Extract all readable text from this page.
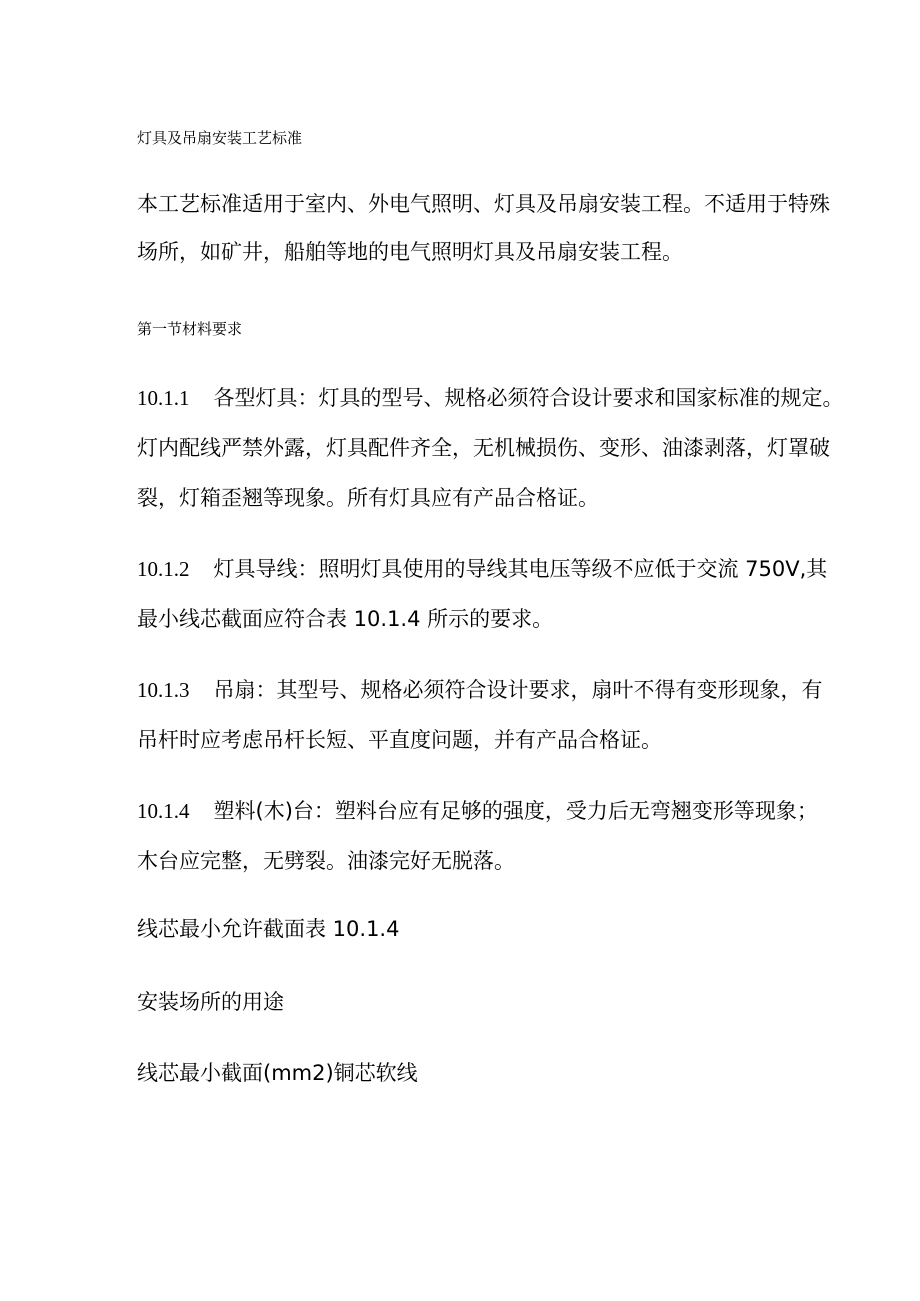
灯具及吊扇安装工艺标准
本工艺标准适用于室内、外电气照明、灯具及吊扇安装工程。不适用于特殊
场所，如矿井，船舶等地的电气照明灯具及吊扇安装工程。
第一节材料要求
10.1.1 各型灯具：灯具的型号、规格必须符合设计要求和国家标准的规定。
灯内配线严禁外露，灯具配件齐全，无机械损伤、变形、油漆剥落，灯罩破
裂，灯箱歪翘等现象。所有灯具应有产品合格证。
10.1.2 灯具导线：照明灯具使用的导线其电压等级不应低于交流 750V,其
最小线芯截面应符合表 10.1.4 所示的要求。
10.1.3 吊扇：其型号、规格必须符合设计要求，扇叶不得有变形现象，有
吊杆时应考虑吊杆长短、平直度问题，并有产品合格证。
10.1.4 塑料(木)台：塑料台应有足够的强度，受力后无弯翘变形等现象；
木台应完整，无劈裂。油漆完好无脱落。
线芯最小允许截面表 10.1.4
安装场所的用途
线芯最小截面(mm2)铜芯软线
